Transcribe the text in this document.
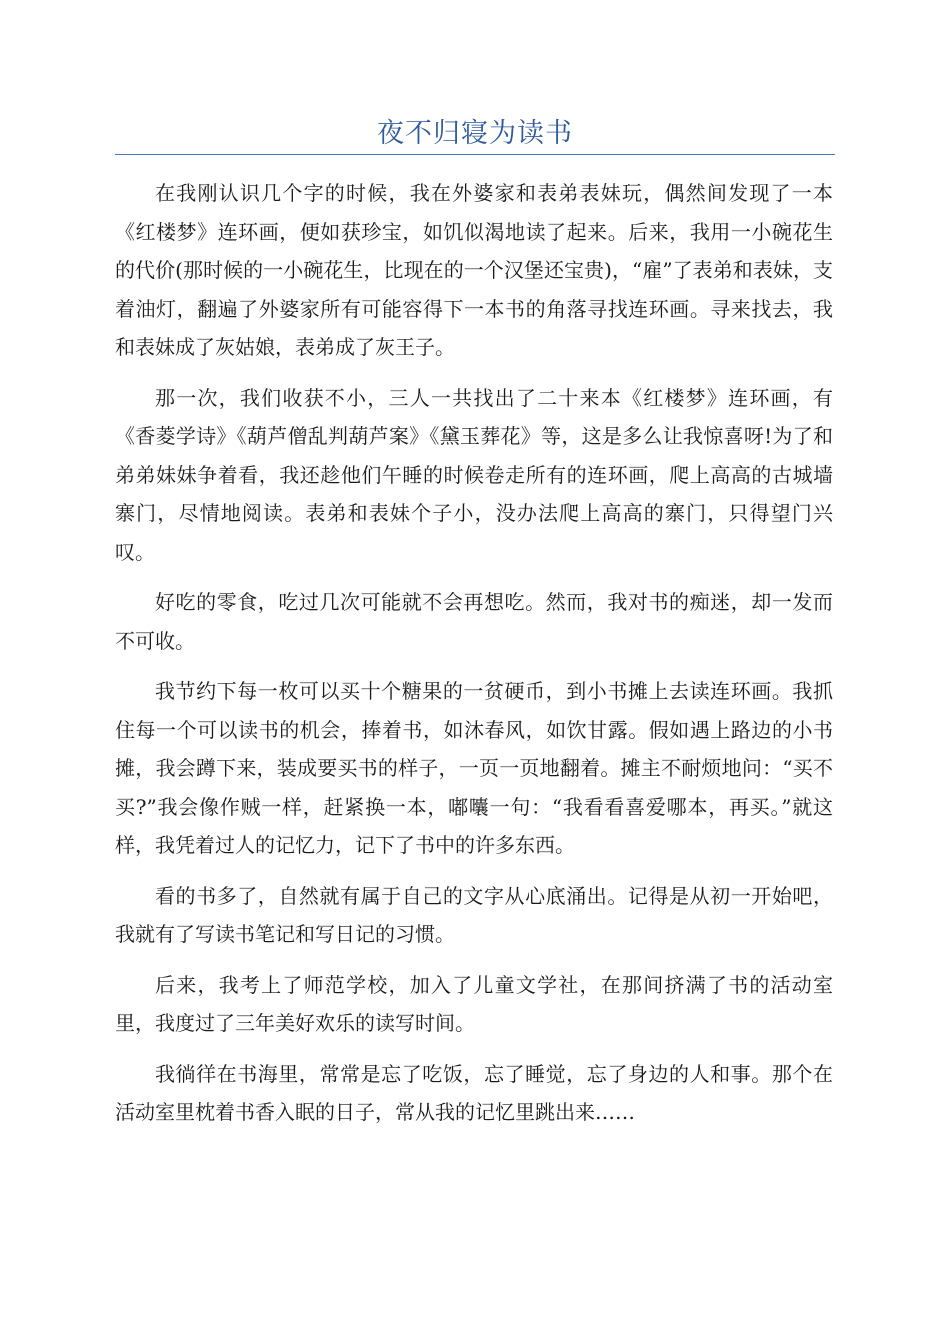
夜不归寝为读书

在我刚认识几个字的时候，我在外婆家和表弟表妹玩，偶然间发现了一本《红楼梦》连环画，便如获珍宝，如饥似渴地读了起来。后来，我用一小碗花生的代价(那时候的一小碗花生，比现在的一个汉堡还宝贵)，“雇”了表弟和表妹，支着油灯，翻遍了外婆家所有可能容得下一本书的角落寻找连环画。寻来找去，我和表妹成了灰姑娘，表弟成了灰王子。

那一次，我们收获不小，三人一共找出了二十来本《红楼梦》连环画，有《香菱学诗》《葫芦僧乱判葫芦案》《黛玉葬花》等，这是多么让我惊喜呀!为了和弟弟妹妹争着看，我还趁他们午睡的时候卷走所有的连环画，爬上高高的古城墙寨门，尽情地阅读。表弟和表妹个子小，没办法爬上高高的寨门，只得望门兴叹。

好吃的零食，吃过几次可能就不会再想吃。然而，我对书的痴迷，却一发而不可收。

我节约下每一枚可以买十个糖果的一贫硬币，到小书摊上去读连环画。我抓住每一个可以读书的机会，捧着书，如沐春风，如饮甘露。假如遇上路边的小书摊，我会蹲下来，装成要买书的样子，一页一页地翻着。摊主不耐烦地问：“买不买?”我会像作贼一样，赶紧换一本，嘟囔一句：“我看看喜爱哪本，再买。”就这样，我凭着过人的记忆力，记下了书中的许多东西。

看的书多了，自然就有属于自己的文字从心底涌出。记得是从初一开始吧，我就有了写读书笔记和写日记的习惯。

后来，我考上了师范学校，加入了儿童文学社，在那间挤满了书的活动室里，我度过了三年美好欢乐的读写时间。

我徜徉在书海里，常常是忘了吃饭，忘了睡觉，忘了身边的人和事。那个在活动室里枕着书香入眠的日子，常从我的记忆里跳出来……
